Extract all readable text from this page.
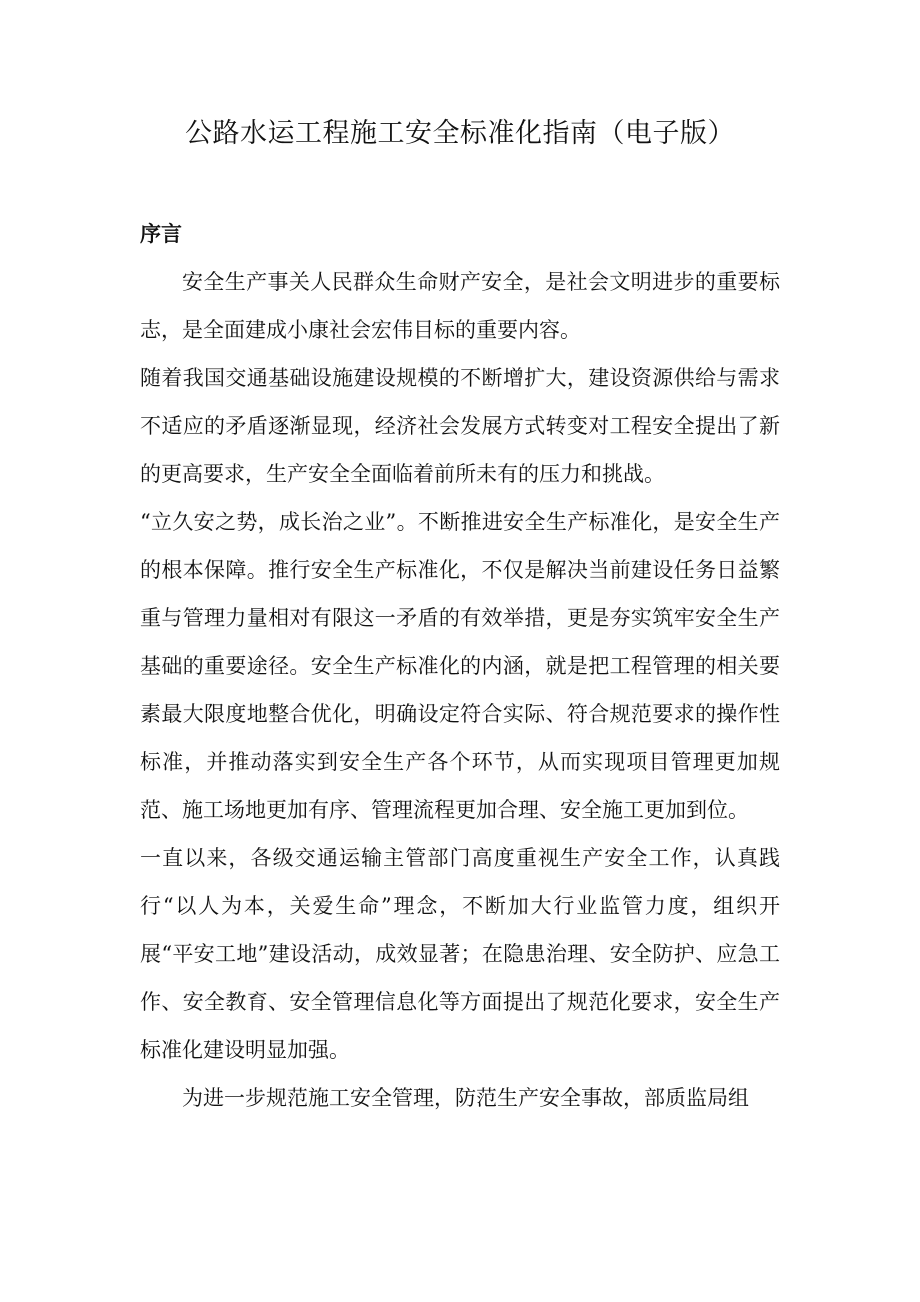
公路水运工程施工安全标准化指南（电子版）
序言

安全生产事关人民群众生命财产安全，是社会文明进步的重要标志，是全面建成小康社会宏伟目标的重要内容。

随着我国交通基础设施建设规模的不断增扩大，建设资源供给与需求不适应的矛盾逐渐显现，经济社会发展方式转变对工程安全提出了新的更高要求，生产安全全面临着前所未有的压力和挑战。

“立久安之势，成长治之业”。不断推进安全生产标准化，是安全生产的根本保障。推行安全生产标准化，不仅是解决当前建设任务日益繁重与管理力量相对有限这一矛盾的有效举措，更是夯实筑牢安全生产基础的重要途径。安全生产标准化的内涵，就是把工程管理的相关要素最大限度地整合优化，明确设定符合实际、符合规范要求的操作性标准，并推动落实到安全生产各个环节，从而实现项目管理更加规范、施工场地更加有序、管理流程更加合理、安全施工更加到位。

一直以来，各级交通运输主管部门高度重视生产安全工作，认真践行“以人为本，关爱生命”理念，不断加大行业监管力度，组织开展“平安工地”建设活动，成效显著；在隐患治理、安全防护、应急工作、安全教育、安全管理信息化等方面提出了规范化要求，安全生产标准化建设明显加强。

为进一步规范施工安全管理，防范生产安全事故，部质监局组
